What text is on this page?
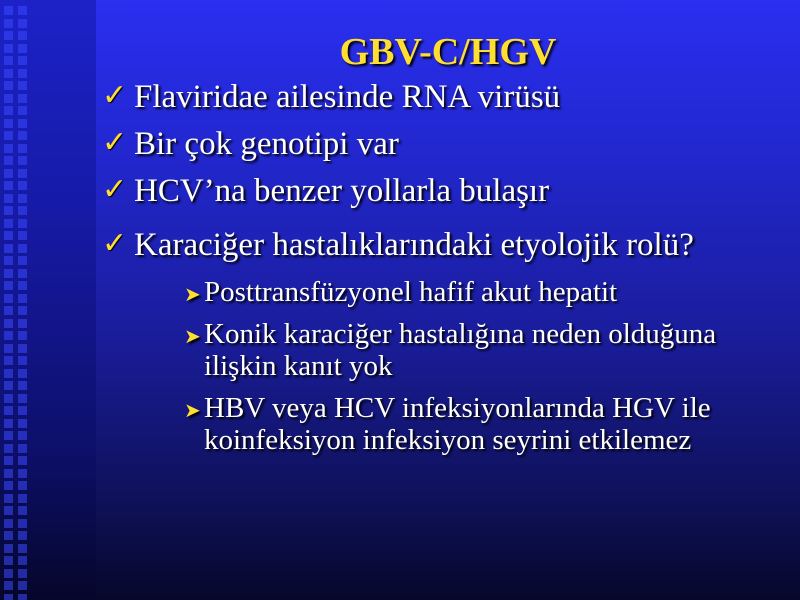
GBV-C/HGV

✓ Flaviridae ailesinde RNA virüsü

✓ Bir çok genotipi var

✓ HCV’na benzer yollarla bulaşır

✓ Karaciğer hastalıklarındaki etyolojik rolü?

➤ Posttransfüzyonel hafif akut hepatit

➤ Konik karaciğer hastalığına neden olduğuna ilişkin kanıt yok

➤ HBV veya HCV infeksiyonlarında HGV ile koinfeksiyon infeksiyon seyrini etkilemez
